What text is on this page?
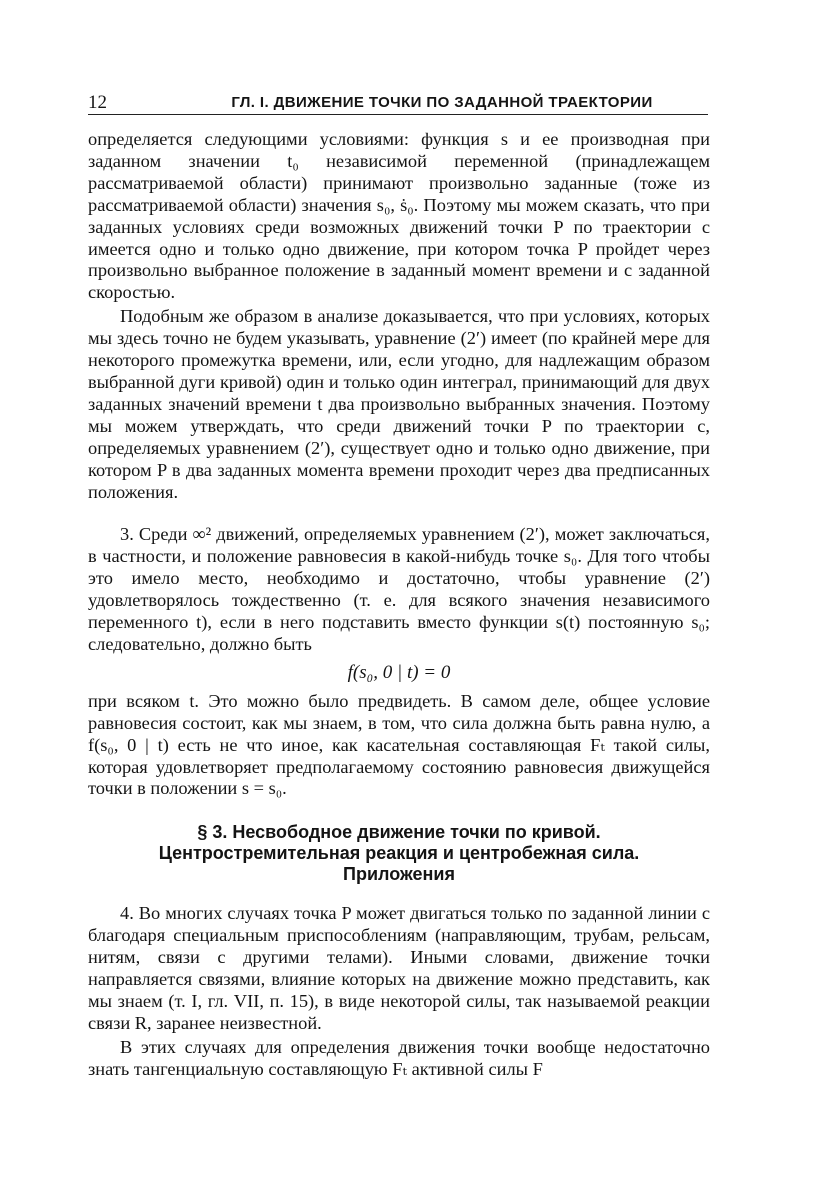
12	ГЛ. I. ДВИЖЕНИЕ ТОЧКИ ПО ЗАДАННОЙ ТРАЕКТОРИИ

определяется следующими условиями: функция s и ее производная при заданном значении t₀ независимой переменной (принадлежащем рассматриваемой области) принимают произвольно заданные (тоже из рассматриваемой области) значения s₀, ṡ₀. Поэтому мы можем сказать, что при заданных условиях среди возможных движений точки P по траектории c имеется одно и только одно движение, при котором точка P пройдет через произвольно выбранное положение в заданный момент времени и с заданной скоростью.

Подобным же образом в анализе доказывается, что при условиях, которых мы здесь точно не будем указывать, уравнение (2′) имеет (по крайней мере для некоторого промежутка времени, или, если угодно, для надлежащим образом выбранной дуги кривой) один и только один интеграл, принимающий для двух заданных значений времени t два произвольно выбранных значения. Поэтому мы можем утверждать, что среди движений точки P по траектории c, определяемых уравнением (2′), существует одно и только одно движение, при котором P в два заданных момента времени проходит через два предписанных положения.

3. Среди ∞² движений, определяемых уравнением (2′), может заключаться, в частности, и положение равновесия в какой-нибудь точке s₀. Для того чтобы это имело место, необходимо и достаточно, чтобы уравнение (2′) удовлетворялось тождественно (т. е. для всякого значения независимого переменного t), если в него подставить вместо функции s(t) постоянную s₀; следовательно, должно быть

f(s₀, 0 | t) = 0

при всяком t. Это можно было предвидеть. В самом деле, общее условие равновесия состоит, как мы знаем, в том, что сила должна быть равна нулю, а f(s₀, 0 | t) есть не что иное, как касательная составляющая Fₜ такой силы, которая удовлетворяет предполагаемому состоянию равновесия движущейся точки в положении s = s₀.

§ 3. Несвободное движение точки по кривой.
Центростремительная реакция и центробежная сила.
Приложения

4. Во многих случаях точка P может двигаться только по заданной линии c благодаря специальным приспособлениям (направляющим, трубам, рельсам, нитям, связи с другими телами). Иными словами, движение точки направляется связями, влияние которых на движение можно представить, как мы знаем (т. I, гл. VII, п. 15), в виде некоторой силы, так называемой реакции связи R, заранее неизвестной.

В этих случаях для определения движения точки вообще недостаточно знать тангенциальную составляющую Fₜ активной силы F
